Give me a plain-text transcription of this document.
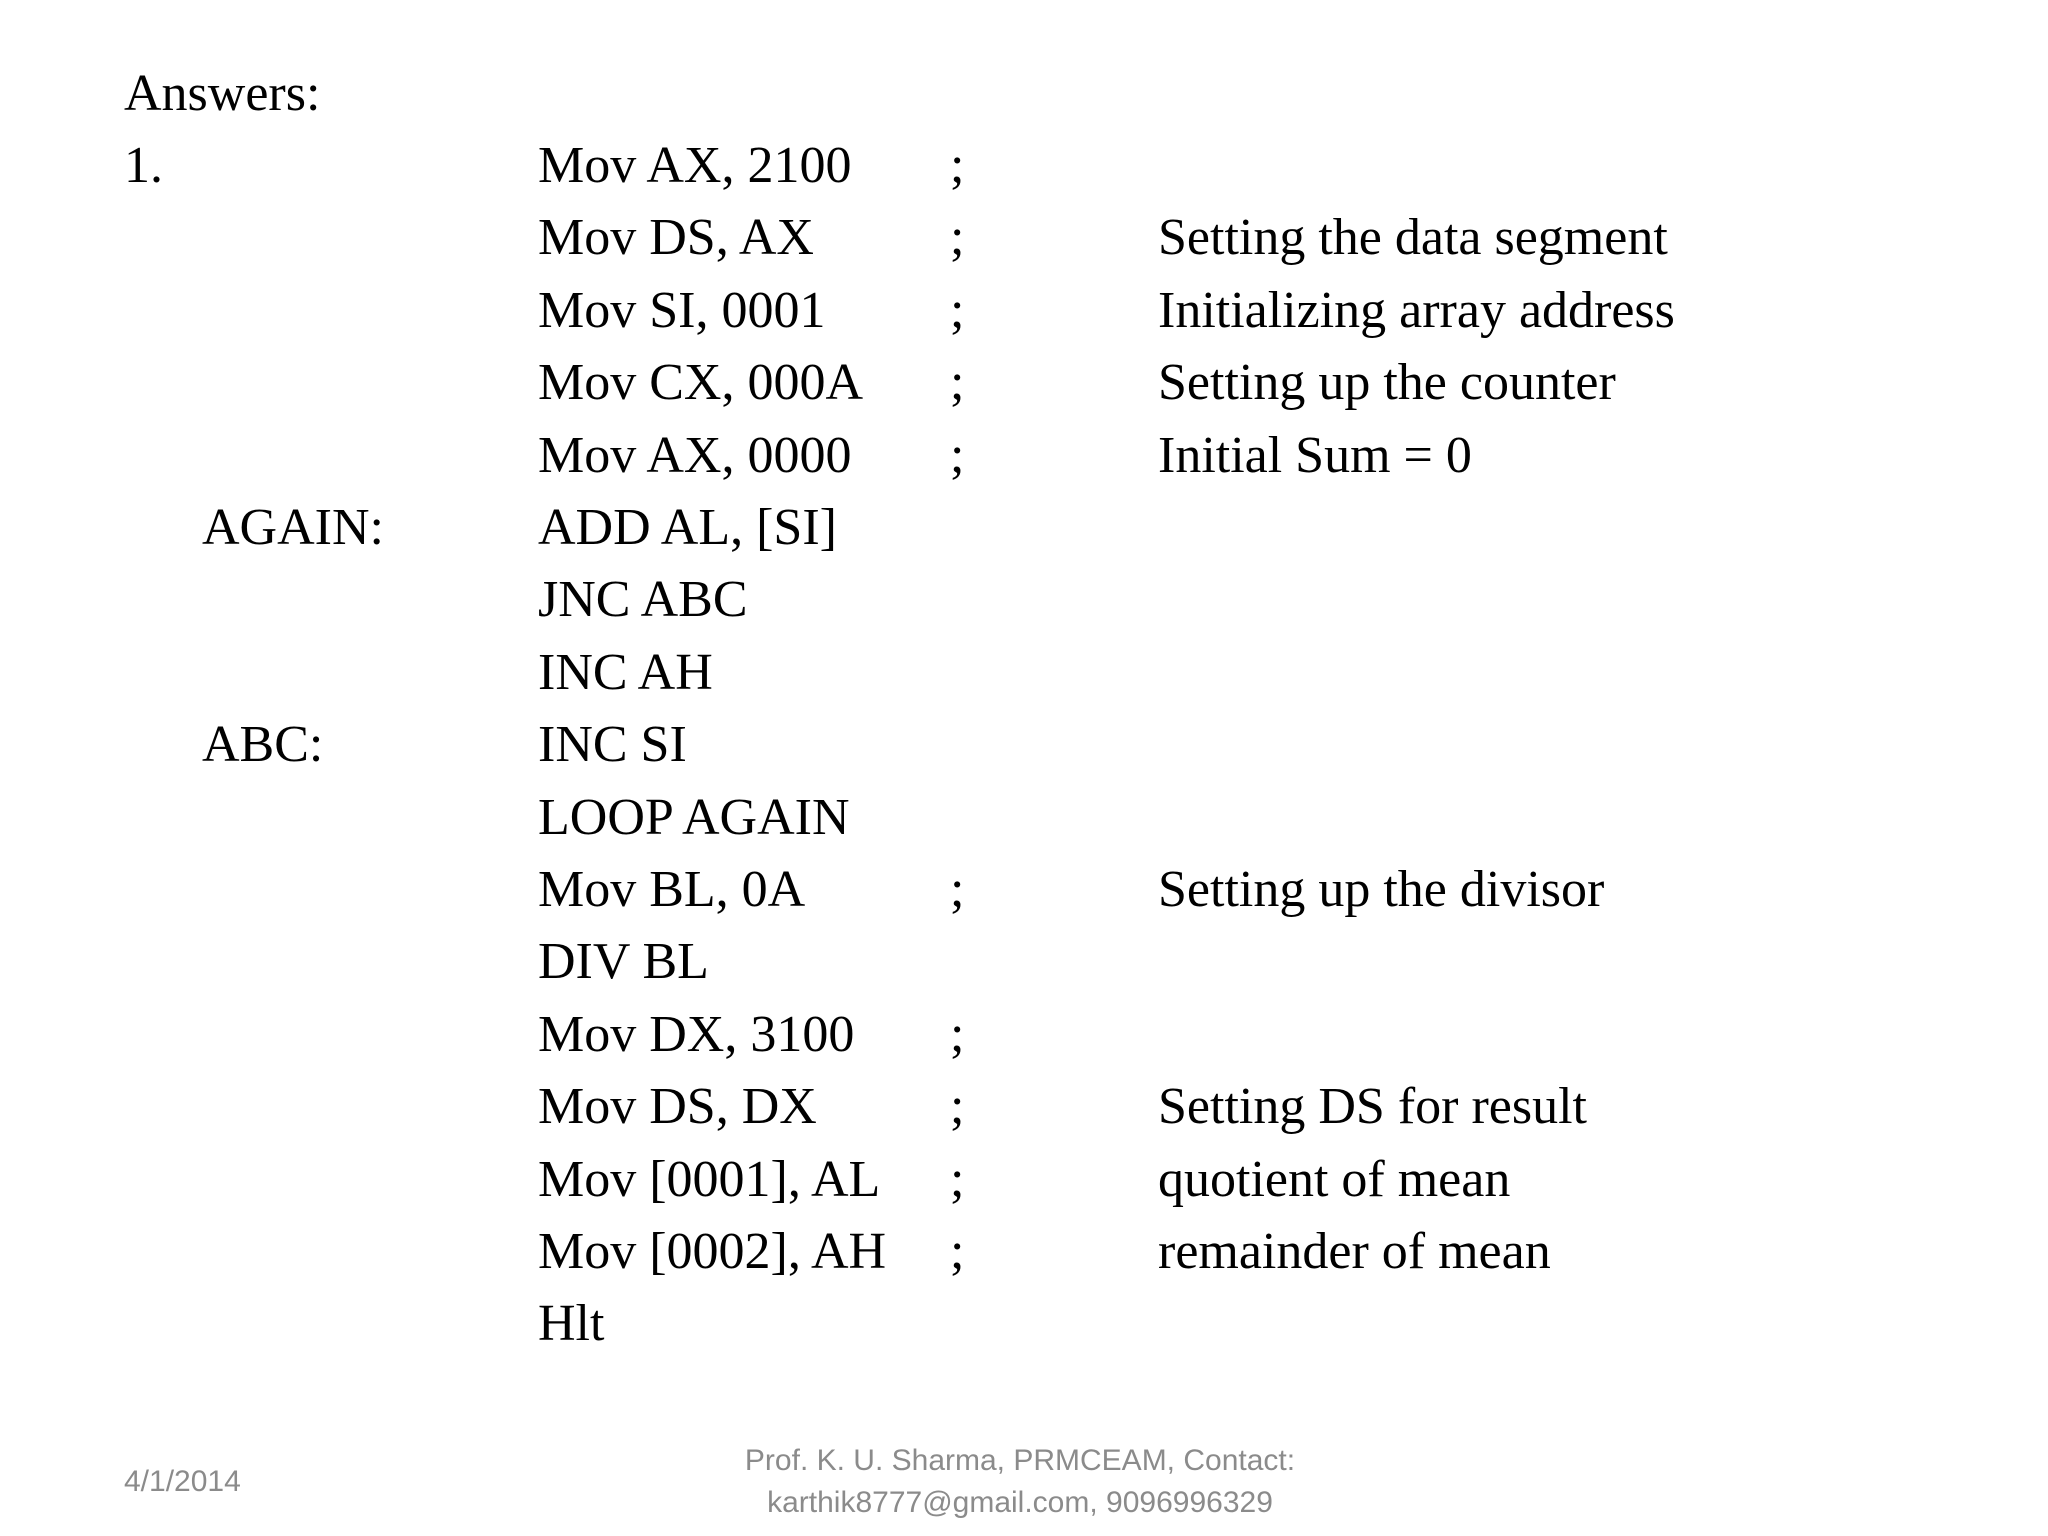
Answers:
1.	Mov AX, 2100 ;
Mov DS, AX	;	Setting the data segment
Mov SI, 0001 ;	Initializing array address
Mov CX, 000A ;	Setting up the counter
Mov AX, 0000 ;	Initial Sum = 0
AGAIN:	ADD AL, [SI]
JNC ABC
INC AH
ABC:	INC SI
LOOP AGAIN
Mov BL, 0A	;	Setting up the divisor
DIV BL
Mov DX, 3100 ;
Mov DS, DX	;	Setting DS for result
Mov [0001], AL ;	quotient of mean
Mov [0002], AH ;	remainder of mean
Hlt
4/1/2014
Prof. K. U. Sharma, PRMCEAM, Contact:
karthik8777@gmail.com, 9096996329
